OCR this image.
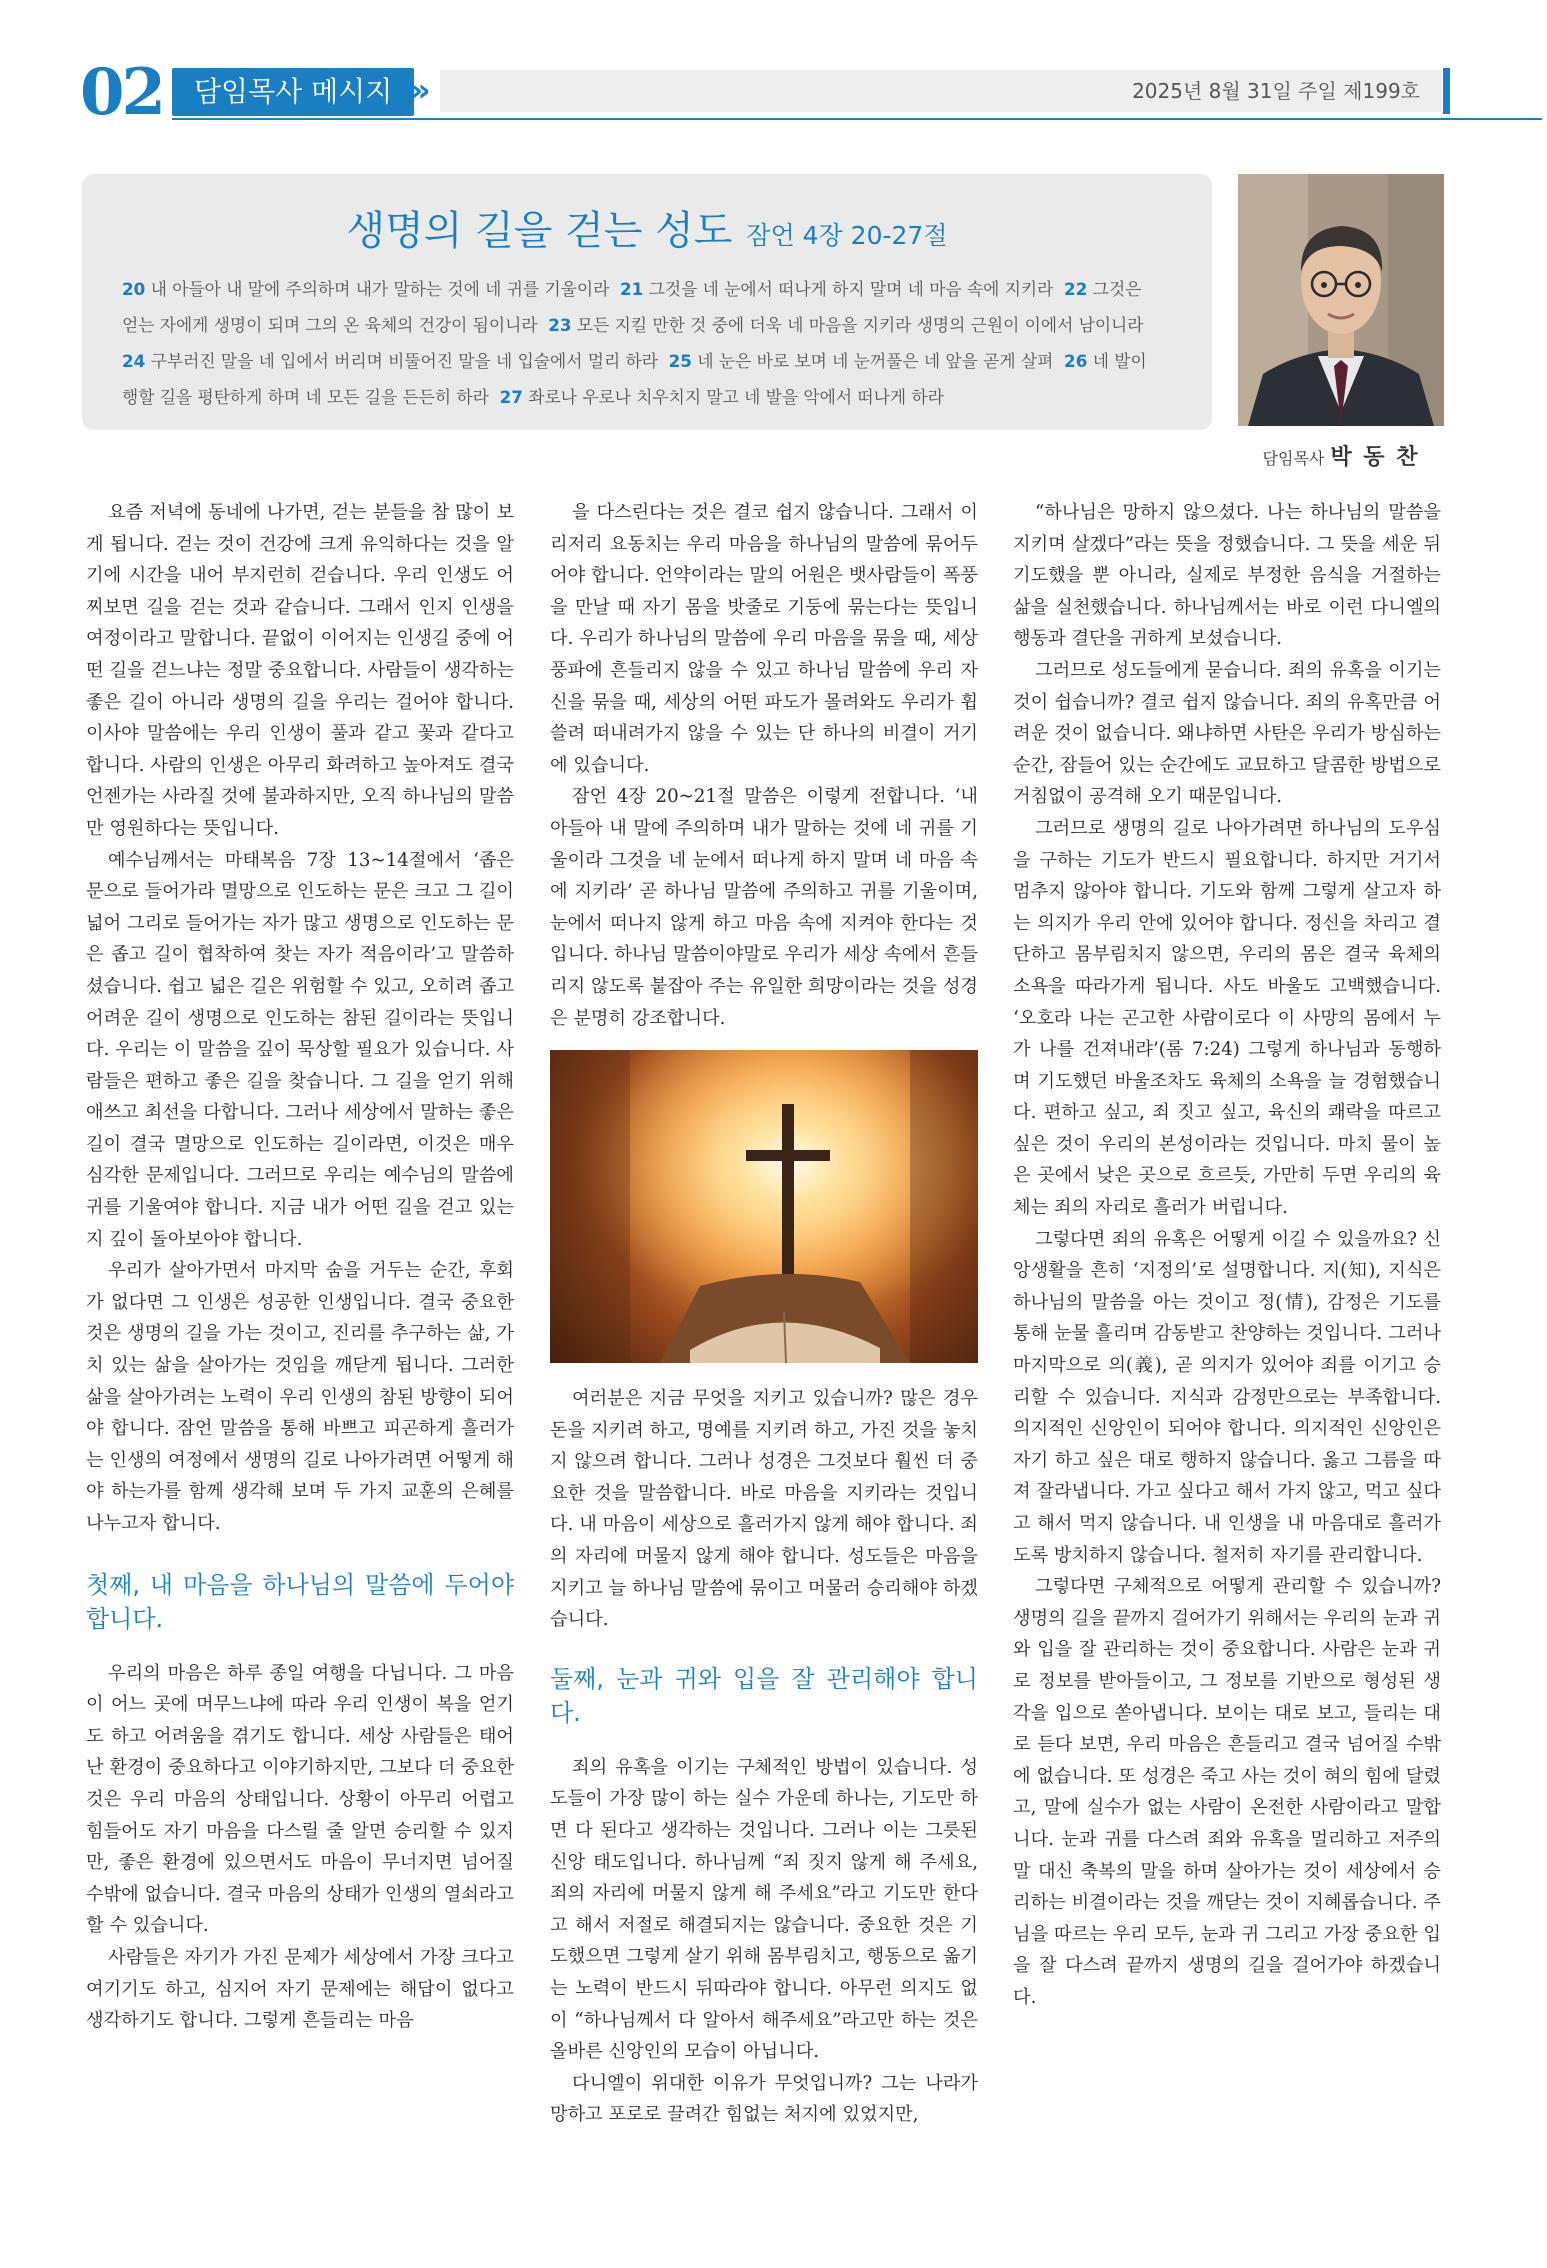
02	담임목사 메시지 »	2025년 8월 31일 주일 제199호
생명의 길을 걷는 성도 잠언 4장 20-27절
20 내 아들아 내 말에 주의하며 내가 말하는 것에 네 귀를 기울이라 21 그것을 네 눈에서 떠나게 하지 말며 네 마음 속에 지키라 22 그것은
얻는 자에게 생명이 되며 그의 온 육체의 건강이 됨이니라 23 모든 지킬 만한 것 중에 더욱 네 마음을 지키라 생명의 근원이 이에서 남이니라
24 구부러진 말을 네 입에서 버리며 비뚤어진 말을 네 입술에서 멀리 하라 25 네 눈은 바로 보며 네 눈꺼풀은 네 앞을 곧게 살펴 26 네 발이
행할 길을 평탄하게 하며 네 모든 길을 든든히 하라 27 좌로나 우로나 치우치지 말고 네 발을 악에서 떠나게 하라
담임목사 박 동 찬

요즘 저녁에 동네에 나가면, 걷는 분들을 참 많이 보게 됩니다. 걷는 것이 건강에 크게 유익하다는 것을 알기에 시간을 내어 부지런히 걷습니다. 우리 인생도 어찌보면 길을 걷는 것과 같습니다. 그래서 인지 인생을 여정이라고 말합니다. 끝없이 이어지는 인생길 중에 어떤 길을 걷느냐는 정말 중요합니다. 사람들이 생각하는 좋은 길이 아니라 생명의 길을 우리는 걸어야 합니다. 이사야 말씀에는 우리 인생이 풀과 같고 꽃과 같다고 합니다. 사람의 인생은 아무리 화려하고 높아져도 결국 언젠가는 사라질 것에 불과하지만, 오직 하나님의 말씀만 영원하다는 뜻입니다.

예수님께서는 마태복음 7장 13~14절에서 ‘좁은 문으로 들어가라 멸망으로 인도하는 문은 크고 그 길이 넓어 그리로 들어가는 자가 많고 생명으로 인도하는 문은 좁고 길이 협착하여 찾는 자가 적음이라’고 말씀하셨습니다. 쉽고 넓은 길은 위험할 수 있고, 오히려 좁고 어려운 길이 생명으로 인도하는 참된 길이라는 뜻입니다. 우리는 이 말씀을 깊이 묵상할 필요가 있습니다. 사람들은 편하고 좋은 길을 찾습니다. 그 길을 얻기 위해 애쓰고 최선을 다합니다. 그러나 세상에서 말하는 좋은 길이 결국 멸망으로 인도하는 길이라면, 이것은 매우 심각한 문제입니다. 그러므로 우리는 예수님의 말씀에 귀를 기울여야 합니다. 지금 내가 어떤 길을 걷고 있는지 깊이 돌아보아야 합니다.

우리가 살아가면서 마지막 숨을 거두는 순간, 후회가 없다면 그 인생은 성공한 인생입니다. 결국 중요한 것은 생명의 길을 가는 것이고, 진리를 추구하는 삶, 가치 있는 삶을 살아가는 것임을 깨닫게 됩니다. 그러한 삶을 살아가려는 노력이 우리 인생의 참된 방향이 되어야 합니다. 잠언 말씀을 통해 바쁘고 피곤하게 흘러가는 인생의 여정에서 생명의 길로 나아가려면 어떻게 해야 하는가를 함께 생각해 보며 두 가지 교훈의 은혜를 나누고자 합니다.

첫째, 내 마음을 하나님의 말씀에 두어야 합니다.

우리의 마음은 하루 종일 여행을 다닙니다. 그 마음이 어느 곳에 머무느냐에 따라 우리 인생이 복을 얻기도 하고 어려움을 겪기도 합니다. 세상 사람들은 태어난 환경이 중요하다고 이야기하지만, 그보다 더 중요한 것은 우리 마음의 상태입니다. 상황이 아무리 어렵고 힘들어도 자기 마음을 다스릴 줄 알면 승리할 수 있지만, 좋은 환경에 있으면서도 마음이 무너지면 넘어질 수밖에 없습니다. 결국 마음의 상태가 인생의 열쇠라고 할 수 있습니다.

사람들은 자기가 가진 문제가 세상에서 가장 크다고 여기기도 하고, 심지어 자기 문제에는 해답이 없다고 생각하기도 합니다. 그렇게 흔들리는 마음

을 다스린다는 것은 결코 쉽지 않습니다. 그래서 이리저리 요동치는 우리 마음을 하나님의 말씀에 묶어두어야 합니다. 언약이라는 말의 어원은 뱃사람들이 폭풍을 만날 때 자기 몸을 밧줄로 기둥에 묶는다는 뜻입니다. 우리가 하나님의 말씀에 우리 마음을 묶을 때, 세상 풍파에 흔들리지 않을 수 있고 하나님 말씀에 우리 자신을 묶을 때, 세상의 어떤 파도가 몰려와도 우리가 휩쓸려 떠내려가지 않을 수 있는 단 하나의 비결이 거기에 있습니다.

잠언 4장 20~21절 말씀은 이렇게 전합니다. ‘내 아들아 내 말에 주의하며 내가 말하는 것에 네 귀를 기울이라 그것을 네 눈에서 떠나게 하지 말며 네 마음 속에 지키라’ 곧 하나님 말씀에 주의하고 귀를 기울이며, 눈에서 떠나지 않게 하고 마음 속에 지켜야 한다는 것입니다. 하나님 말씀이야말로 우리가 세상 속에서 흔들리지 않도록 붙잡아 주는 유일한 희망이라는 것을 성경은 분명히 강조합니다.

여러분은 지금 무엇을 지키고 있습니까? 많은 경우 돈을 지키려 하고, 명예를 지키려 하고, 가진 것을 놓치지 않으려 합니다. 그러나 성경은 그것보다 훨씬 더 중요한 것을 말씀합니다. 바로 마음을 지키라는 것입니다. 내 마음이 세상으로 흘러가지 않게 해야 합니다. 죄의 자리에 머물지 않게 해야 합니다. 성도들은 마음을 지키고 늘 하나님 말씀에 묶이고 머물러 승리해야 하겠습니다.

둘째, 눈과 귀와 입을 잘 관리해야 합니다.

죄의 유혹을 이기는 구체적인 방법이 있습니다. 성도들이 가장 많이 하는 실수 가운데 하나는, 기도만 하면 다 된다고 생각하는 것입니다. 그러나 이는 그릇된 신앙 태도입니다. 하나님께 “죄 짓지 않게 해 주세요, 죄의 자리에 머물지 않게 해 주세요”라고 기도만 한다고 해서 저절로 해결되지는 않습니다. 중요한 것은 기도했으면 그렇게 살기 위해 몸부림치고, 행동으로 옮기는 노력이 반드시 뒤따라야 합니다. 아무런 의지도 없이 “하나님께서 다 알아서 해주세요”라고만 하는 것은 올바른 신앙인의 모습이 아닙니다.

다니엘이 위대한 이유가 무엇입니까? 그는 나라가 망하고 포로로 끌려간 힘없는 처지에 있었지만,

“하나님은 망하지 않으셨다. 나는 하나님의 말씀을 지키며 살겠다”라는 뜻을 정했습니다. 그 뜻을 세운 뒤 기도했을 뿐 아니라, 실제로 부정한 음식을 거절하는 삶을 실천했습니다. 하나님께서는 바로 이런 다니엘의 행동과 결단을 귀하게 보셨습니다.

그러므로 성도들에게 묻습니다. 죄의 유혹을 이기는 것이 쉽습니까? 결코 쉽지 않습니다. 죄의 유혹만큼 어려운 것이 없습니다. 왜냐하면 사탄은 우리가 방심하는 순간, 잠들어 있는 순간에도 교묘하고 달콤한 방법으로 거침없이 공격해 오기 때문입니다.

그러므로 생명의 길로 나아가려면 하나님의 도우심을 구하는 기도가 반드시 필요합니다. 하지만 거기서 멈추지 않아야 합니다. 기도와 함께 그렇게 살고자 하는 의지가 우리 안에 있어야 합니다. 정신을 차리고 결단하고 몸부림치지 않으면, 우리의 몸은 결국 육체의 소욕을 따라가게 됩니다. 사도 바울도 고백했습니다. ‘오호라 나는 곤고한 사람이로다 이 사망의 몸에서 누가 나를 건져내랴’(롬 7:24) 그렇게 하나님과 동행하며 기도했던 바울조차도 육체의 소욕을 늘 경험했습니다. 편하고 싶고, 죄 짓고 싶고, 육신의 쾌락을 따르고 싶은 것이 우리의 본성이라는 것입니다. 마치 물이 높은 곳에서 낮은 곳으로 흐르듯, 가만히 두면 우리의 육체는 죄의 자리로 흘러가 버립니다.

그렇다면 죄의 유혹은 어떻게 이길 수 있을까요? 신앙생활을 흔히 ‘지정의’로 설명합니다. 지(知), 지식은 하나님의 말씀을 아는 것이고 정(情), 감정은 기도를 통해 눈물 흘리며 감동받고 찬양하는 것입니다. 그러나 마지막으로 의(義), 곧 의지가 있어야 죄를 이기고 승리할 수 있습니다. 지식과 감정만으로는 부족합니다. 의지적인 신앙인이 되어야 합니다. 의지적인 신앙인은 자기 하고 싶은 대로 행하지 않습니다. 옳고 그름을 따져 잘라냅니다. 가고 싶다고 해서 가지 않고, 먹고 싶다고 해서 먹지 않습니다. 내 인생을 내 마음대로 흘러가도록 방치하지 않습니다. 철저히 자기를 관리합니다.

그렇다면 구체적으로 어떻게 관리할 수 있습니까? 생명의 길을 끝까지 걸어가기 위해서는 우리의 눈과 귀와 입을 잘 관리하는 것이 중요합니다. 사람은 눈과 귀로 정보를 받아들이고, 그 정보를 기반으로 형성된 생각을 입으로 쏟아냅니다. 보이는 대로 보고, 들리는 대로 듣다 보면, 우리 마음은 흔들리고 결국 넘어질 수밖에 없습니다. 또 성경은 죽고 사는 것이 혀의 힘에 달렸고, 말에 실수가 없는 사람이 온전한 사람이라고 말합니다. 눈과 귀를 다스려 죄와 유혹을 멀리하고 저주의 말 대신 축복의 말을 하며 살아가는 것이 세상에서 승리하는 비결이라는 것을 깨닫는 것이 지혜롭습니다. 주님을 따르는 우리 모두, 눈과 귀 그리고 가장 중요한 입을 잘 다스려 끝까지 생명의 길을 걸어가야 하겠습니다.
